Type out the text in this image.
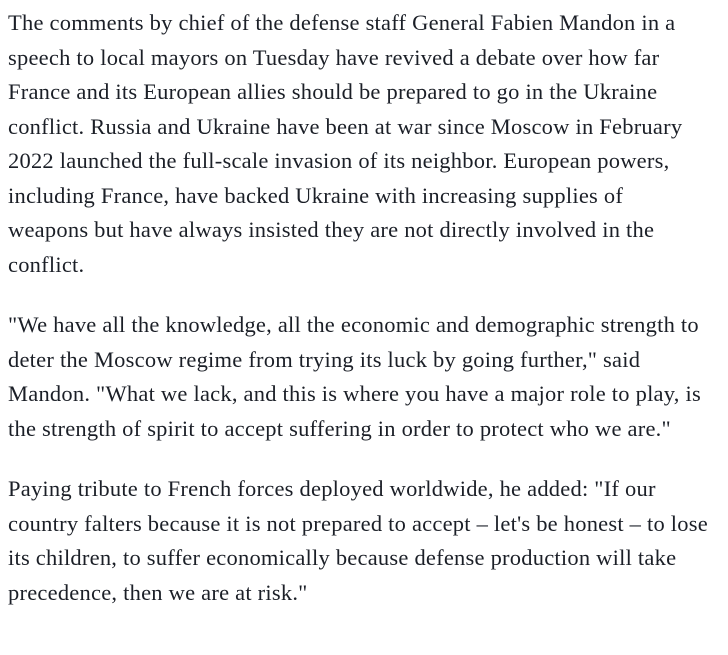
The comments by chief of the defense staff General Fabien Mandon in a speech to local mayors on Tuesday have revived a debate over how far France and its European allies should be prepared to go in the Ukraine conflict. Russia and Ukraine have been at war since Moscow in February 2022 launched the full-scale invasion of its neighbor. European powers, including France, have backed Ukraine with increasing supplies of weapons but have always insisted they are not directly involved in the conflict.

"We have all the knowledge, all the economic and demographic strength to deter the Moscow regime from trying its luck by going further," said Mandon. "What we lack, and this is where you have a major role to play, is the strength of spirit to accept suffering in order to protect who we are."

Paying tribute to French forces deployed worldwide, he added: "If our country falters because it is not prepared to accept – let's be honest – to lose its children, to suffer economically because defense production will take precedence, then we are at risk."
